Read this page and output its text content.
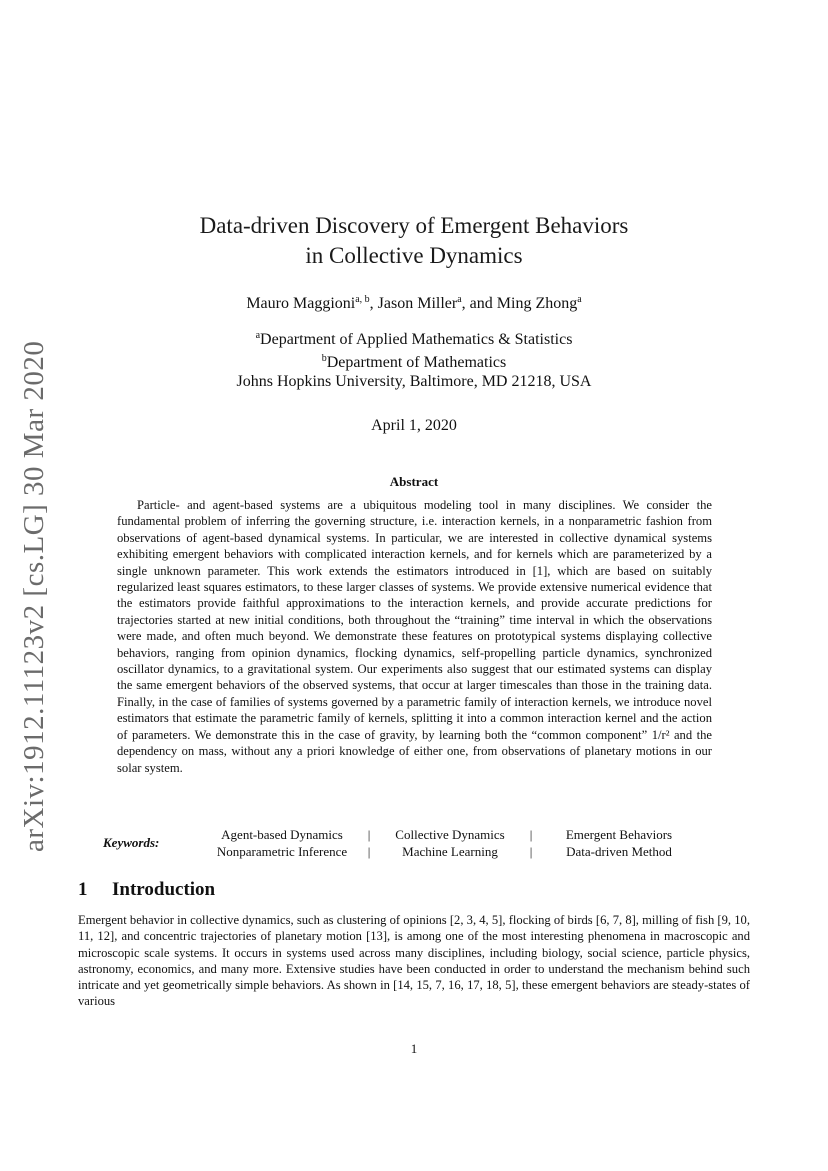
arXiv:1912.11123v2 [cs.LG] 30 Mar 2020
Data-driven Discovery of Emergent Behaviors
in Collective Dynamics
Mauro Maggioni$^{a, b}$, Jason Miller$^a$, and Ming Zhong$^a$
$^a$Department of Applied Mathematics & Statistics
$^b$Department of Mathematics
Johns Hopkins University, Baltimore, MD 21218, USA
April 1, 2020
Abstract
Particle- and agent-based systems are a ubiquitous modeling tool in many disciplines. We consider the fundamental problem of inferring the governing structure, i.e. interaction kernels, in a nonparametric fashion from observations of agent-based dynamical systems. In particular, we are interested in collective dynamical systems exhibiting emergent behaviors with complicated interaction kernels, and for kernels which are parameterized by a single unknown parameter. This work extends the estimators introduced in [1], which are based on suitably regularized least squares estimators, to these larger classes of systems. We provide extensive numerical evidence that the estimators provide faithful approximations to the interaction kernels, and provide accurate predictions for trajectories started at new initial conditions, both throughout the “training” time interval in which the observations were made, and often much beyond. We demonstrate these features on prototypical systems displaying collective behaviors, ranging from opinion dynamics, flocking dynamics, self-propelling particle dynamics, synchronized oscillator dynamics, to a gravitational system. Our experiments also suggest that our estimated systems can display the same emergent behaviors of the observed systems, that occur at larger timescales than those in the training data. Finally, in the case of families of systems governed by a parametric family of interaction kernels, we introduce novel estimators that estimate the parametric family of kernels, splitting it into a common interaction kernel and the action of parameters. We demonstrate this in the case of gravity, by learning both the “common component” 1/r² and the dependency on mass, without any a priori knowledge of either one, from observations of planetary motions in our solar system.
Keywords:
Agent-based Dynamics	|	Collective Dynamics	|	Emergent Behaviors
Nonparametric Inference	|	Machine Learning	|	Data-driven Method
1 Introduction
Emergent behavior in collective dynamics, such as clustering of opinions [2, 3, 4, 5], flocking of birds [6, 7, 8], milling of fish [9, 10, 11, 12], and concentric trajectories of planetary motion [13], is among one of the most interesting phenomena in macroscopic and microscopic scale systems. It occurs in systems used across many disciplines, including biology, social science, particle physics, astronomy, economics, and many more. Extensive studies have been conducted in order to understand the mechanism behind such intricate and yet geometrically simple behaviors. As shown in [14, 15, 7, 16, 17, 18, 5], these emergent behaviors are steady-states of various
1
